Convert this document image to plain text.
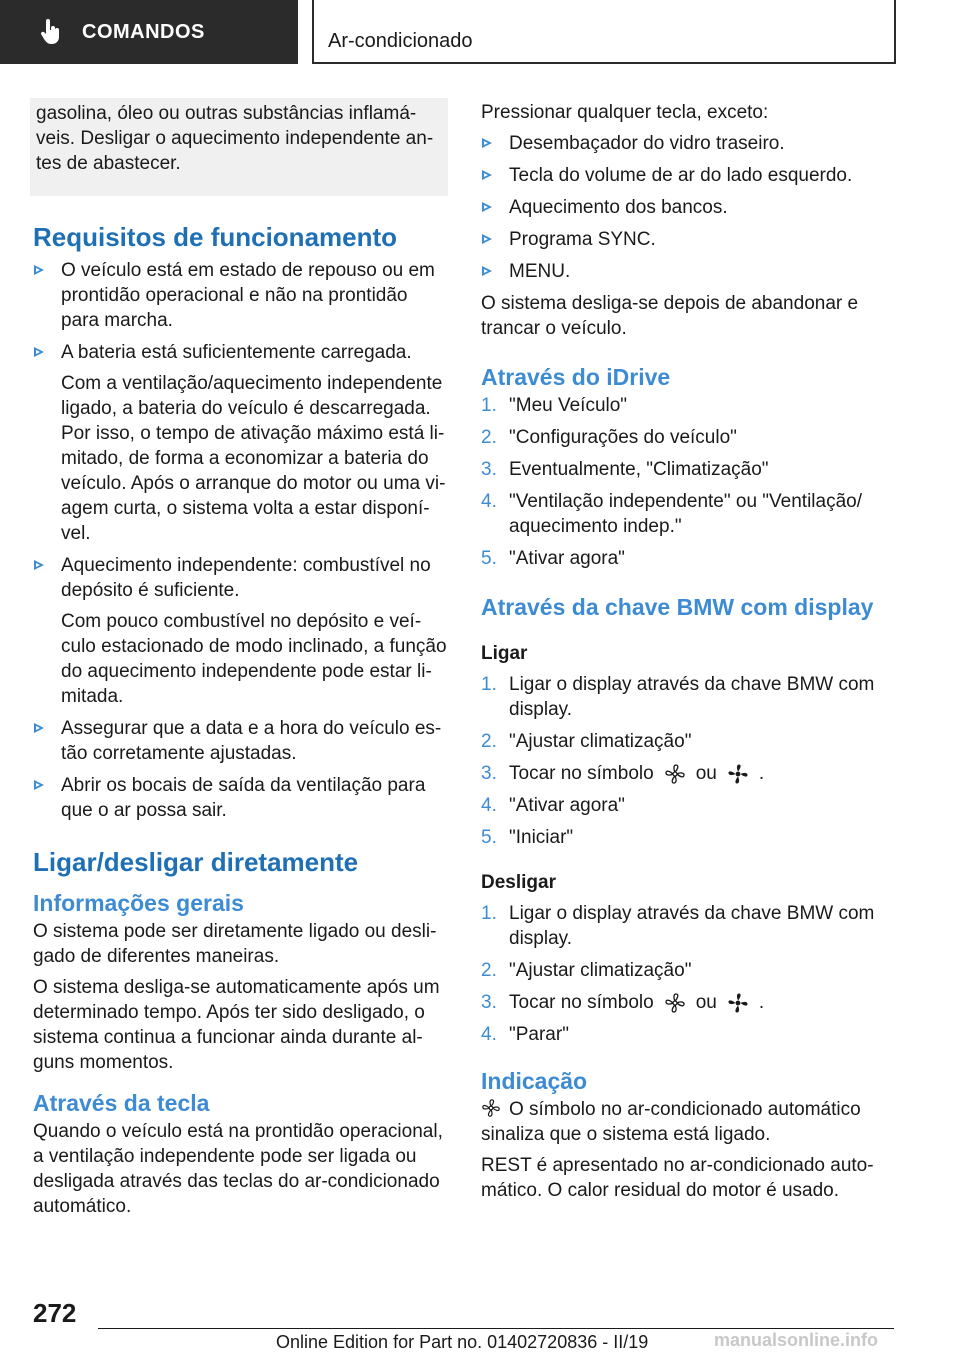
COMANDOS	Ar-condicionado
gasolina, óleo ou outras substâncias inflamáveis. Desligar o aquecimento independente antes de abastecer.
Requisitos de funcionamento
O veículo está em estado de repouso ou em prontidão operacional e não na prontidão para marcha.
A bateria está suficientemente carregada.
Com a ventilação/aquecimento independente ligado, a bateria do veículo é descarregada. Por isso, o tempo de ativação máximo está limitado, de forma a economizar a bateria do veículo. Após o arranque do motor ou uma viagem curta, o sistema volta a estar disponível.
Aquecimento independente: combustível no depósito é suficiente.
Com pouco combustível no depósito e veículo estacionado de modo inclinado, a função do aquecimento independente pode estar limitada.
Assegurar que a data e a hora do veículo estão corretamente ajustadas.
Abrir os bocais de saída da ventilação para que o ar possa sair.
Ligar/desligar diretamente
Informações gerais

O sistema pode ser diretamente ligado ou desligado de diferentes maneiras.

O sistema desliga-se automaticamente após um determinado tempo. Após ter sido desligado, o sistema continua a funcionar ainda durante alguns momentos.

Através da tecla

Quando o veículo está na prontidão operacional, a ventilação independente pode ser ligada ou desligada através das teclas do ar-condicionado automático.

Pressionar qualquer tecla, exceto:

Desembaçador do vidro traseiro.
Tecla do volume de ar do lado esquerdo.
Aquecimento dos bancos.
Programa SYNC.
MENU.

O sistema desliga-se depois de abandonar e trancar o veículo.

Através do iDrive
1. "Meu Veículo"
2. "Configurações do veículo"
3. Eventualmente, "Climatização"
4. "Ventilação independente" ou "Ventilação/ aquecimento indep."
5. "Ativar agora"
Através da chave BMW com display
Ligar
1. Ligar o display através da chave BMW com display.
2. "Ajustar climatização"
3. Tocar no símbolo ou .
4. "Ativar agora"
5. "Iniciar"
Desligar
1. Ligar o display através da chave BMW com display.
2. "Ajustar climatização"
3. Tocar no símbolo ou .
4. "Parar"
Indicação

O símbolo no ar-condicionado automático sinaliza que o sistema está ligado.

REST é apresentado no ar-condicionado automático. O calor residual do motor é usado.

272
Online Edition for Part no. 01402720836 - II/19	manualsonline.info
